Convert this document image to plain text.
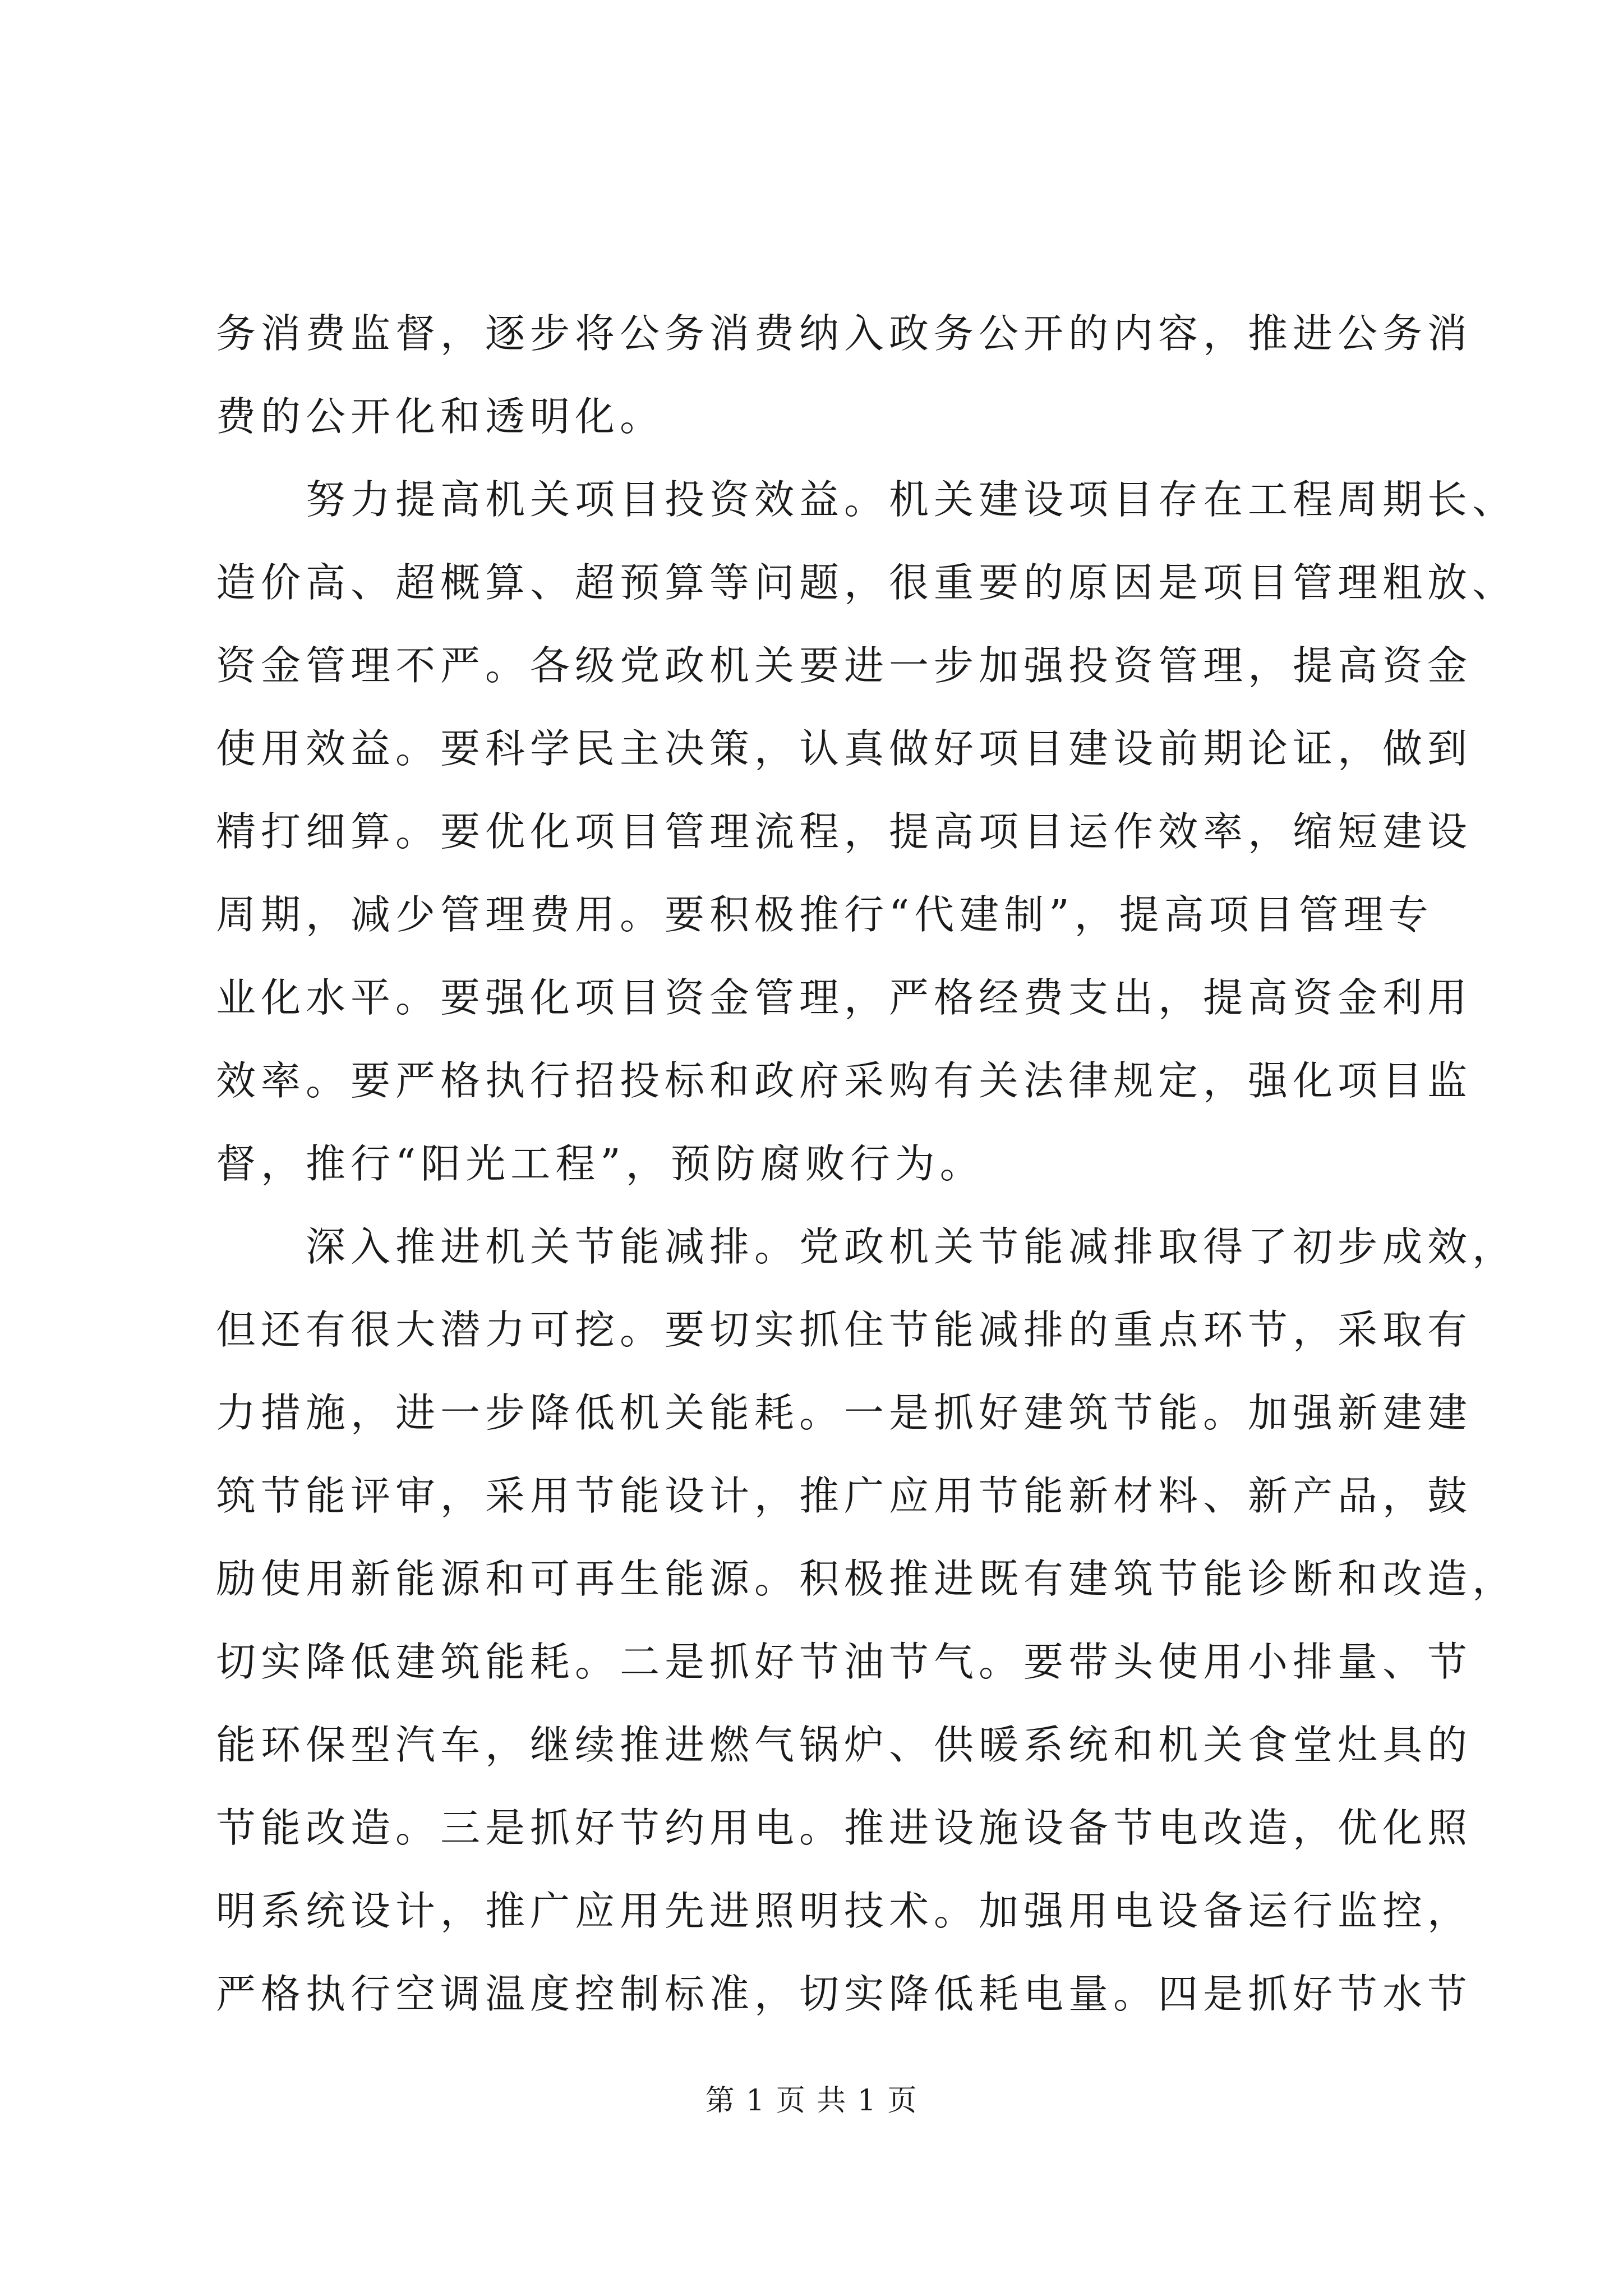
务消费监督，逐步将公务消费纳入政务公开的内容，推进公务消
费的公开化和透明化。
　　努力提高机关项目投资效益。机关建设项目存在工程周期长、
造价高、超概算、超预算等问题，很重要的原因是项目管理粗放、
资金管理不严。各级党政机关要进一步加强投资管理，提高资金
使用效益。要科学民主决策，认真做好项目建设前期论证，做到
精打细算。要优化项目管理流程，提高项目运作效率，缩短建设
周期，减少管理费用。要积极推行“代建制”，提高项目管理专
业化水平。要强化项目资金管理，严格经费支出，提高资金利用
效率。要严格执行招投标和政府采购有关法律规定，强化项目监
督，推行“阳光工程”，预防腐败行为。
　　深入推进机关节能减排。党政机关节能减排取得了初步成效，
但还有很大潜力可挖。要切实抓住节能减排的重点环节，采取有
力措施，进一步降低机关能耗。一是抓好建筑节能。加强新建建
筑节能评审，采用节能设计，推广应用节能新材料、新产品，鼓
励使用新能源和可再生能源。积极推进既有建筑节能诊断和改造，
切实降低建筑能耗。二是抓好节油节气。要带头使用小排量、节
能环保型汽车，继续推进燃气锅炉、供暖系统和机关食堂灶具的
节能改造。三是抓好节约用电。推进设施设备节电改造，优化照
明系统设计，推广应用先进照明技术。加强用电设备运行监控，
严格执行空调温度控制标准，切实降低耗电量。四是抓好节水节
第 1 页 共 1 页
